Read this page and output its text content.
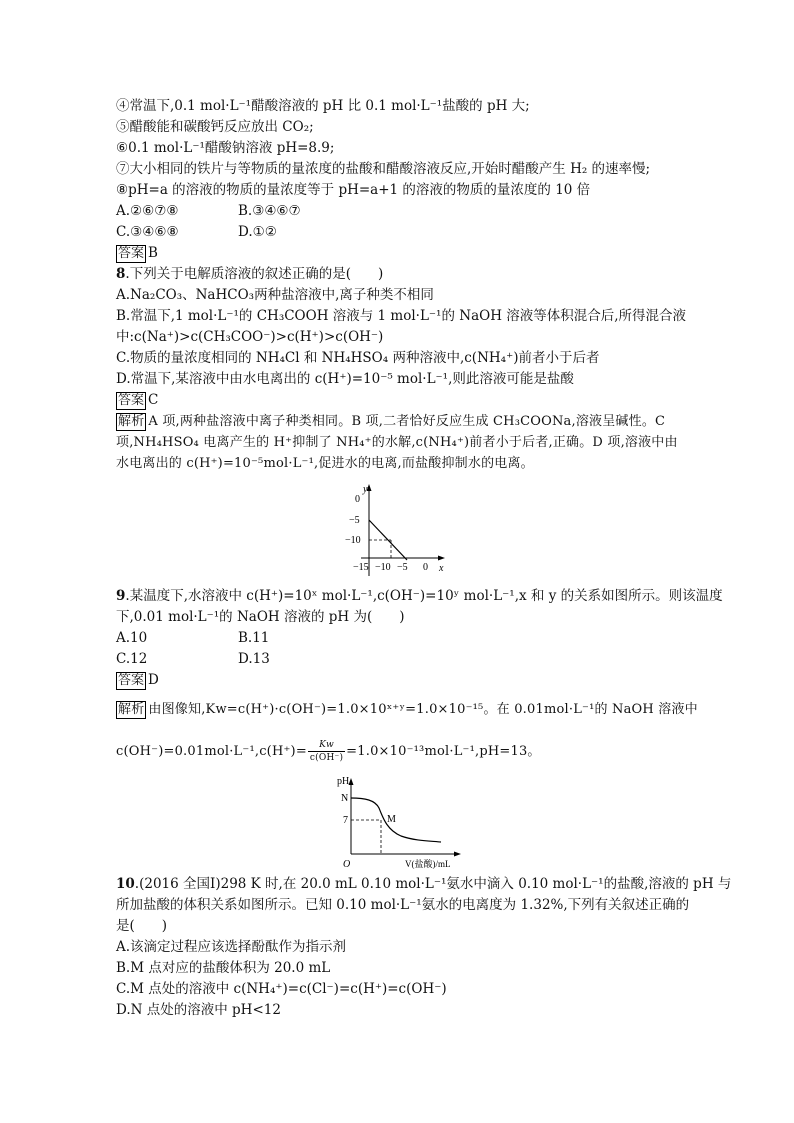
④常温下,0.1 mol·L⁻¹醋酸溶液的 pH 比 0.1 mol·L⁻¹盐酸的 pH 大;
⑤醋酸能和碳酸钙反应放出 CO₂;
⑥0.1 mol·L⁻¹醋酸钠溶液 pH=8.9;
⑦大小相同的铁片与等物质的量浓度的盐酸和醋酸溶液反应,开始时醋酸产生 H₂ 的速率慢;
⑧pH=a 的溶液的物质的量浓度等于 pH=a+1 的溶液的物质的量浓度的 10 倍
A.②⑥⑦⑧	B.③④⑥⑦
C.③④⑥⑧	D.①②
答案 B
8.下列关于电解质溶液的叙述正确的是(　　)
A.Na₂CO₃、NaHCO₃两种盐溶液中,离子种类不相同
B.常温下,1 mol·L⁻¹的 CH₃COOH 溶液与 1 mol·L⁻¹的 NaOH 溶液等体积混合后,所得混合液
中:c(Na⁺)>c(CH₃COO⁻)>c(H⁺)>c(OH⁻)
C.物质的量浓度相同的 NH₄Cl 和 NH₄HSO₄ 两种溶液中,c(NH₄⁺)前者小于后者
D.常温下,某溶液中由水电离出的 c(H⁺)=10⁻⁵ mol·L⁻¹,则此溶液可能是盐酸
答案 C
解析 A 项,两种盐溶液中离子种类相同。B 项,二者恰好反应生成 CH₃COONa,溶液呈碱性。C 项,NH₄HSO₄ 电离产生的 H⁺抑制了 NH₄⁺的水解,c(NH₄⁺)前者小于后者,正确。D 项,溶液中由水电离出的 c(H⁺)=10⁻⁵mol·L⁻¹,促进水的电离,而盐酸抑制水的电离。
y
x
0
−5
−10
−15 −10 −5 0
9.某温度下,水溶液中 c(H⁺)=10ˣ mol·L⁻¹,c(OH⁻)=10ʸ mol·L⁻¹,x 和 y 的关系如图所示。则该温度
下,0.01 mol·L⁻¹的 NaOH 溶液的 pH 为(　　)
A.10	B.11
C.12	D.13
答案 D
解析 由图像知,Kw=c(H⁺)·c(OH⁻)=1.0×10ˣ⁺ʸ=1.0×10⁻¹⁵。在 0.01mol·L⁻¹的 NaOH 溶液中
$c(OH^-)=0.01mol\cdot L^{-1},c(H^+)= \frac{Kw}{c(OH^-)} =1.0\times 10^{-13}mol\cdot L^{-1},pH=13$。
pH
N
7	M
O	V(盐酸)/mL
10.(2016 全国Ⅰ)298 K 时,在 20.0 mL 0.10 mol·L⁻¹氨水中滴入 0.10 mol·L⁻¹的盐酸,溶液的 pH 与
所加盐酸的体积关系如图所示。已知 0.10 mol·L⁻¹氨水的电离度为 1.32%,下列有关叙述正确的
是(　　)
A.该滴定过程应该选择酚酞作为指示剂
B.M 点对应的盐酸体积为 20.0 mL
C.M 点处的溶液中 c(NH₄⁺)=c(Cl⁻)=c(H⁺)=c(OH⁻)
D.N 点处的溶液中 pH<12
